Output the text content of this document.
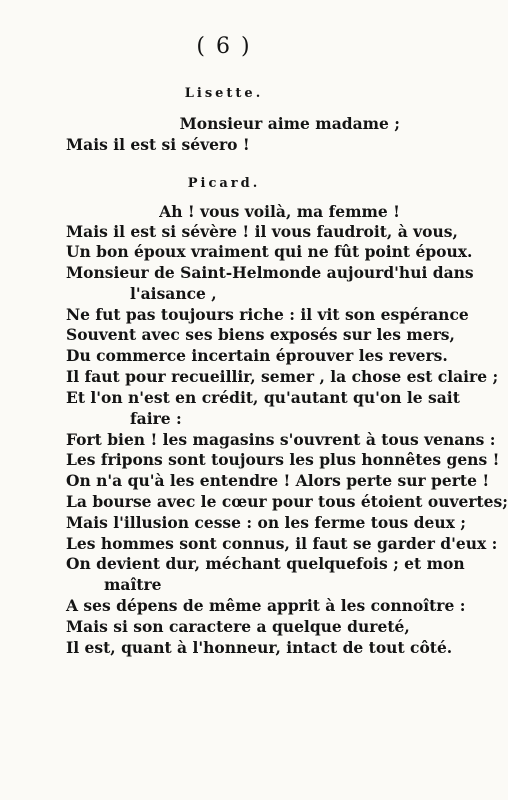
( 6 )
Lisette.
Monsieur aime madame ;
Mais il est si sévero !
Picard.
Ah ! vous voilà, ma femme !
Mais il est si sévère ! il vous faudroit, à vous,
Un bon époux vraiment qui ne fût point époux.
Monsieur de Saint-Helmonde aujourd'hui dans
l'aisance ,
Ne fut pas toujours riche : il vit son espérance
Souvent avec ses biens exposés sur les mers,
Du commerce incertain éprouver les revers.
Il faut pour recueillir, semer , la chose est claire ;
Et l'on n'est en crédit, qu'autant qu'on le sait
faire :
Fort bien ! les magasins s'ouvrent à tous venans :
Les fripons sont toujours les plus honnêtes gens !
On n'a qu'à les entendre ! Alors perte sur perte !
La bourse avec le cœur pour tous étoient ouvertes;
Mais l'illusion cesse : on les ferme tous deux ;
Les hommes sont connus, il faut se garder d'eux :
On devient dur, méchant quelquefois ; et mon
maître
A ses dépens de même apprit à les connoître :
Mais si son caractere a quelque dureté,
Il est, quant à l'honneur, intact de tout côté.
